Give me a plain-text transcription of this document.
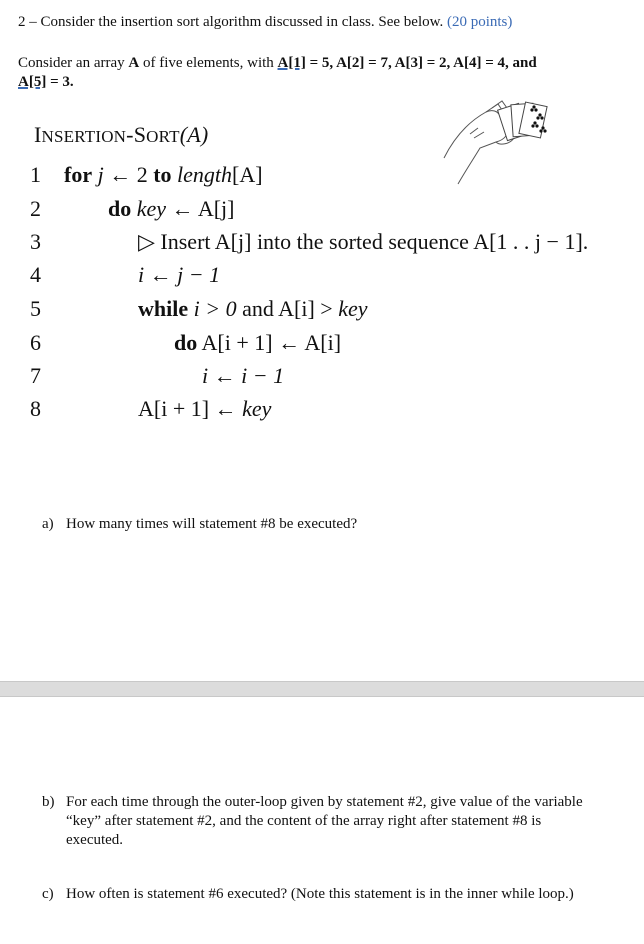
2 – Consider the insertion sort algorithm discussed in class. See below. (20 points)
Consider an array A of five elements, with A[1] = 5, A[2] = 7, A[3] = 2, A[4] = 4, and
A[5] = 3.
INSERTION-SORT(A)
1
2
3
4
5
6
7
8
for j ← 2 to length[A]
do key ← A[j]
▷ Insert A[j] into the sorted sequence A[1 . . j − 1].
i ← j − 1
while i > 0 and A[i] > key
do A[i + 1] ← A[i]
i ← i − 1
A[i + 1] ← key
a) How many times will statement #8 be executed?
b) For each time through the outer-loop given by statement #2, give value of the variable “key” after statement #2, and the content of the array right after statement #8 is executed.
c) How often is statement #6 executed? (Note this statement is in the inner while loop.)
